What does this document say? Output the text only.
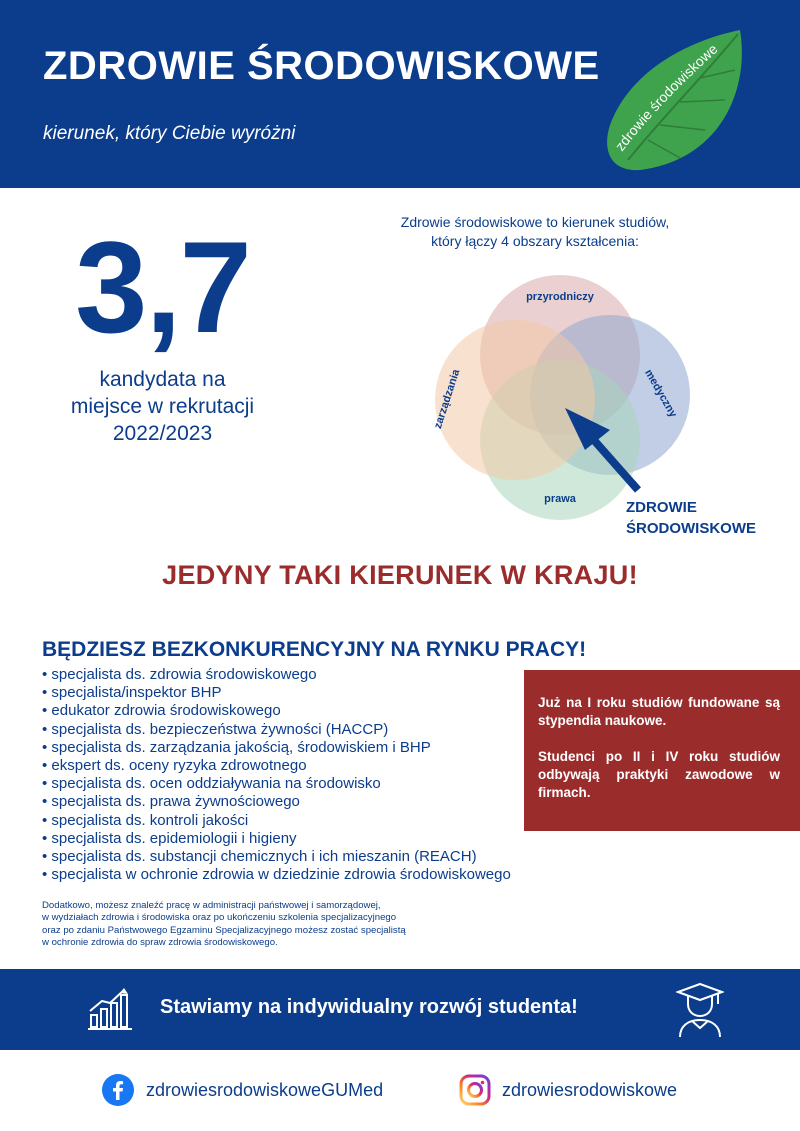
ZDROWIE ŚRODOWISKOWE
kierunek, który Ciebie wyróżni
zdrowie środowiskowe
3,7
kandydata na
miejsce w rekrutacji
2022/2023
Zdrowie środowiskowe to kierunek studiów,
który łączy 4 obszary kształcenia:
przyrodniczy
medyczny
prawa
zarządzania
ZDROWIE
ŚRODOWISKOWE
JEDYNY TAKI KIERUNEK W KRAJU!
BĘDZIESZ BEZKONKURENCYJNY NA RYNKU PRACY!
• specjalista ds. zdrowia środowiskowego
• specjalista/inspektor BHP
• edukator zdrowia środowiskowego
• specjalista ds. bezpieczeństwa żywności (HACCP)
• specjalista ds. zarządzania jakością, środowiskiem i BHP
• ekspert ds. oceny ryzyka zdrowotnego
• specjalista ds. ocen oddziaływania na środowisko
• specjalista ds. prawa żywnościowego
• specjalista ds. kontroli jakości
• specjalista ds. epidemiologii i higieny
• specjalista ds. substancji chemicznych i ich mieszanin (REACH)
• specjalista w ochronie zdrowia w dziedzinie zdrowia środowiskowego

Już na I roku studiów fundowane są stypendia naukowe.

Studenci po II i IV roku studiów odbywają praktyki zawodowe w firmach.

Dodatkowo, możesz znaleźć pracę w administracji państwowej i samorządowej,
w wydziałach zdrowia i środowiska oraz po ukończeniu szkolenia specjalizacyjnego
oraz po zdaniu Państwowego Egzaminu Specjalizacyjnego możesz zostać specjalistą
w ochronie zdrowia do spraw zdrowia środowiskowego.
Stawiamy na indywidualny rozwój studenta!
zdrowiesrodowiskoweGUMed	zdrowiesrodowiskowe
